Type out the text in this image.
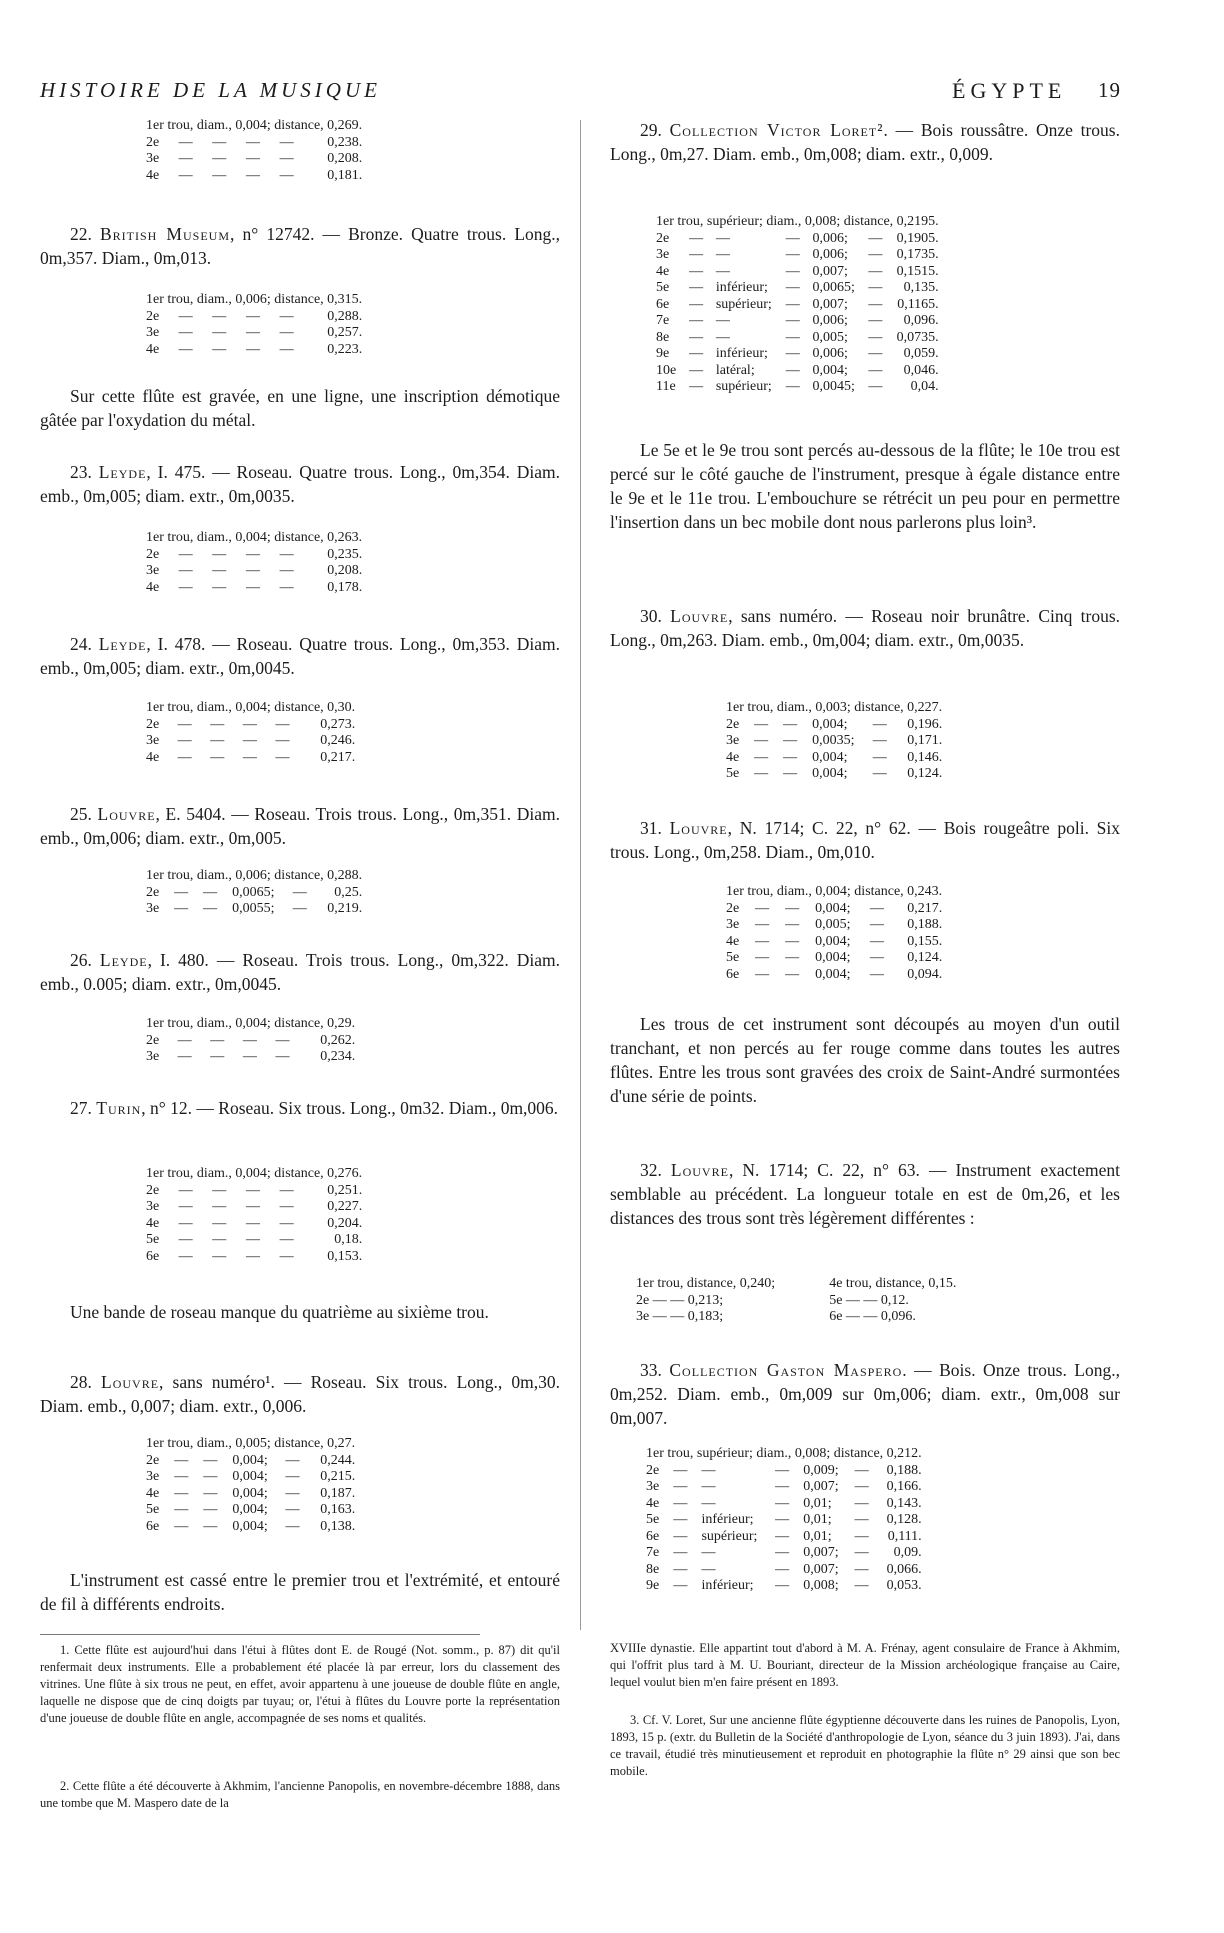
HISTOIRE DE LA MUSIQUE	ÉGYPTE 19
1er trou, diam., 0,004; distance, 0,269.					
2e	—	—	—	—	0,238.
3e	—	—	—	—	0,208.
4e	—	—	—	—	0,181.

22. British Museum, n° 12742. — Bronze. Quatre trous. Long., 0m,357. Diam., 0m,013.

1er trou, diam., 0,006; distance, 0,315.					
2e	—	—	—	—	0,288.
3e	—	—	—	—	0,257.
4e	—	—	—	—	0,223.

Sur cette flûte est gravée, en une ligne, une inscription démotique gâtée par l'oxydation du métal.

23. Leyde, I. 475. — Roseau. Quatre trous. Long., 0m,354. Diam. emb., 0m,005; diam. extr., 0m,0035.

1er trou, diam., 0,004; distance, 0,263.					
2e	—	—	—	—	0,235.
3e	—	—	—	—	0,208.
4e	—	—	—	—	0,178.

24. Leyde, I. 478. — Roseau. Quatre trous. Long., 0m,353. Diam. emb., 0m,005; diam. extr., 0m,0045.

1er trou, diam., 0,004; distance, 0,30.					
2e	—	—	—	—	0,273.
3e	—	—	—	—	0,246.
4e	—	—	—	—	0,217.

25. Louvre, E. 5404. — Roseau. Trois trous. Long., 0m,351. Diam. emb., 0m,006; diam. extr., 0m,005.

1er trou, diam., 0,006; distance, 0,288.					
2e	—	—	0,0065;	—	0,25.
3e	—	—	0,0055;	—	0,219.

26. Leyde, I. 480. — Roseau. Trois trous. Long., 0m,322. Diam. emb., 0.005; diam. extr., 0m,0045.

1er trou, diam., 0,004; distance, 0,29.					
2e	—	—	—	—	0,262.
3e	—	—	—	—	0,234.

27. Turin, n° 12. — Roseau. Six trous. Long., 0m32. Diam., 0m,006.

1er trou, diam., 0,004; distance, 0,276.					
2e	—	—	—	—	0,251.
3e	—	—	—	—	0,227.
4e	—	—	—	—	0,204.
5e	—	—	—	—	0,18.
6e	—	—	—	—	0,153.

Une bande de roseau manque du quatrième au sixième trou.

28. Louvre, sans numéro¹. — Roseau. Six trous. Long., 0m,30. Diam. emb., 0,007; diam. extr., 0,006.

1er trou, diam., 0,005; distance, 0,27.					
2e	—	—	0,004;	—	0,244.
3e	—	—	0,004;	—	0,215.
4e	—	—	0,004;	—	0,187.
5e	—	—	0,004;	—	0,163.
6e	—	—	0,004;	—	0,138.

L'instrument est cassé entre le premier trou et l'extrémité, et entouré de fil à différents endroits.

1. Cette flûte est aujourd'hui dans l'étui à flûtes dont E. de Rougé (Not. somm., p. 87) dit qu'il renfermait deux instruments. Elle a probablement été placée là par erreur, lors du classement des vitrines. Une flûte à six trous ne peut, en effet, avoir appartenu à une joueuse de double flûte en angle, laquelle ne dispose que de cinq doigts par tuyau; or, l'étui à flûtes du Louvre porte la représentation d'une joueuse de double flûte en angle, accompagnée de ses noms et qualités.

2. Cette flûte a été découverte à Akhmim, l'ancienne Panopolis, en novembre-décembre 1888, dans une tombe que M. Maspero date de la

29. Collection Victor Loret². — Bois roussâtre. Onze trous. Long., 0m,27. Diam. emb., 0m,008; diam. extr., 0,009.

1er trou, supérieur; diam., 0,008; distance, 0,2195.						
2e	—	—	—	0,006;	—	0,1905.
3e	—	—	—	0,006;	—	0,1735.
4e	—	—	—	0,007;	—	0,1515.
5e	—	inférieur;	—	0,0065;	—	0,135.
6e	—	supérieur;	—	0,007;	—	0,1165.
7e	—	—	—	0,006;	—	0,096.
8e	—	—	—	0,005;	—	0,0735.
9e	—	inférieur;	—	0,006;	—	0,059.
10e	—	latéral;	—	0,004;	—	0,046.
11e	—	supérieur;	—	0,0045;	—	0,04.

Le 5e et le 9e trou sont percés au-dessous de la flûte; le 10e trou est percé sur le côté gauche de l'instrument, presque à égale distance entre le 9e et le 11e trou. L'embouchure se rétrécit un peu pour en permettre l'insertion dans un bec mobile dont nous parlerons plus loin³.

30. Louvre, sans numéro. — Roseau noir brunâtre. Cinq trous. Long., 0m,263. Diam. emb., 0m,004; diam. extr., 0m,0035.

1er trou, diam., 0,003; distance, 0,227.					
2e	—	—	0,004;	—	0,196.
3e	—	—	0,0035;	—	0,171.
4e	—	—	0,004;	—	0,146.
5e	—	—	0,004;	—	0,124.

31. Louvre, N. 1714; C. 22, n° 62. — Bois rougeâtre poli. Six trous. Long., 0m,258. Diam., 0m,010.

1er trou, diam., 0,004; distance, 0,243.					
2e	—	—	0,004;	—	0,217.
3e	—	—	0,005;	—	0,188.
4e	—	—	0,004;	—	0,155.
5e	—	—	0,004;	—	0,124.
6e	—	—	0,004;	—	0,094.

Les trous de cet instrument sont découpés au moyen d'un outil tranchant, et non percés au fer rouge comme dans toutes les autres flûtes. Entre les trous sont gravées des croix de Saint-André surmontées d'une série de points.

32. Louvre, N. 1714; C. 22, n° 63. — Instrument exactement semblable au précédent. La longueur totale en est de 0m,26, et les distances des trous sont très légèrement différentes :

1er trou, distance, 0,240;	4e trou, distance, 0,15.
2e — — 0,213;	5e — — 0,12.
3e — — 0,183;	6e — — 0,096.

33. Collection Gaston Maspero. — Bois. Onze trous. Long., 0m,252. Diam. emb., 0m,009 sur 0m,006; diam. extr., 0m,008 sur 0m,007.

1er trou, supérieur; diam., 0,008; distance, 0,212.						
2e	—	—	—	0,009;	—	0,188.
3e	—	—	—	0,007;	—	0,166.
4e	—	—	—	0,01;	—	0,143.
5e	—	inférieur;	—	0,01;	—	0,128.
6e	—	supérieur;	—	0,01;	—	0,111.
7e	—	—	—	0,007;	—	0,09.
8e	—	—	—	0,007;	—	0,066.
9e	—	inférieur;	—	0,008;	—	0,053.

XVIIIe dynastie. Elle appartint tout d'abord à M. A. Frénay, agent consulaire de France à Akhmim, qui l'offrit plus tard à M. U. Bouriant, directeur de la Mission archéologique française au Caire, lequel voulut bien m'en faire présent en 1893.

3. Cf. V. Loret, Sur une ancienne flûte égyptienne découverte dans les ruines de Panopolis, Lyon, 1893, 15 p. (extr. du Bulletin de la Société d'anthropologie de Lyon, séance du 3 juin 1893). J'ai, dans ce travail, étudié très minutieusement et reproduit en photographie la flûte n° 29 ainsi que son bec mobile.
